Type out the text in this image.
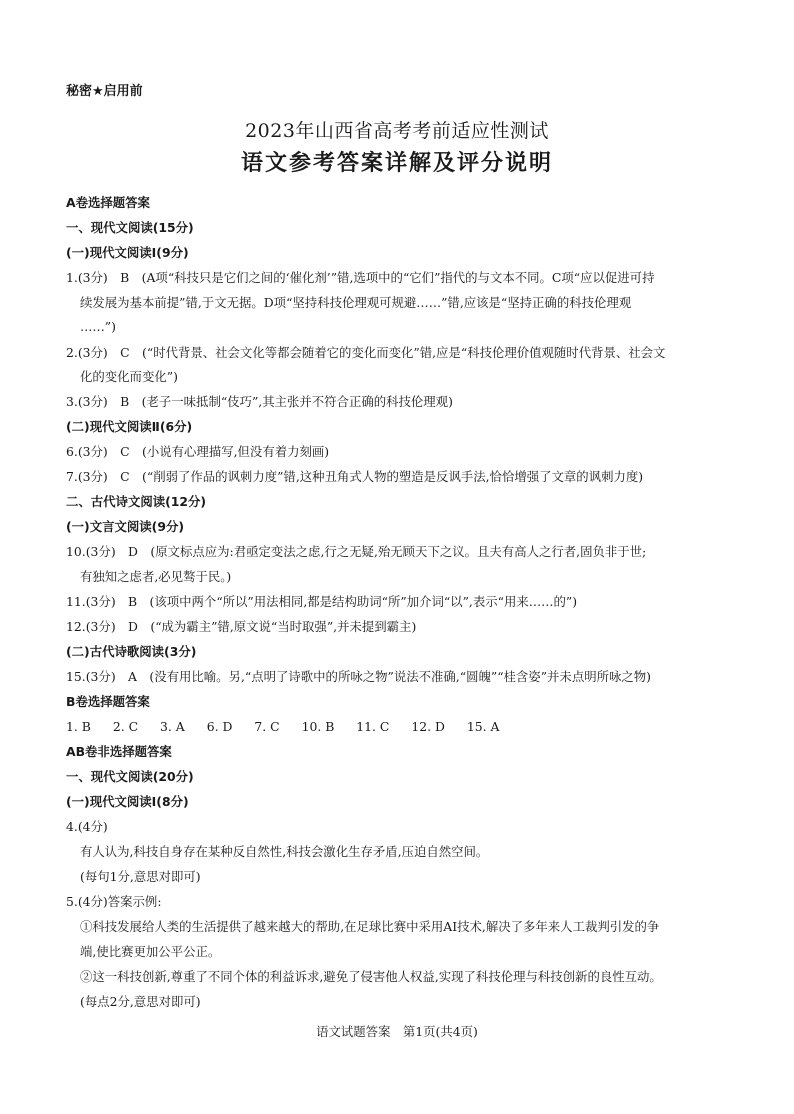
秘密★启用前
2023年山西省高考考前适应性测试
语文参考答案详解及评分说明
A卷选择题答案
一、现代文阅读(15分)
(一)现代文阅读Ⅰ(9分)
1.(3分)　B　(A项“科技只是它们之间的‘催化剂’”错,选项中的“它们”指代的与文本不同。C项“应以促进可持
续发展为基本前提”错,于文无据。D项“坚持科技伦理观可规避……”错,应该是“坚持正确的科技伦理观
……”)
2.(3分)　C　(“时代背景、社会文化等都会随着它的变化而变化”错,应是“科技伦理价值观随时代背景、社会文
化的变化而变化”)
3.(3分)　B　(老子一味抵制“伎巧”,其主张并不符合正确的科技伦理观)
(二)现代文阅读Ⅱ(6分)
6.(3分)　C　(小说有心理描写,但没有着力刻画)
7.(3分)　C　(“削弱了作品的讽刺力度”错,这种丑角式人物的塑造是反讽手法,恰恰增强了文章的讽刺力度)
二、古代诗文阅读(12分)
(一)文言文阅读(9分)
10.(3分)　D　(原文标点应为:君亟定变法之虑,行之无疑,殆无顾天下之议。且夫有高人之行者,固负非于世;
有独知之虑者,必见骜于民。)
11.(3分)　B　(该项中两个“所以”用法相同,都是结构助词“所”加介词“以”,表示“用来……的”)
12.(3分)　D　(“成为霸主”错,原文说“当时取强”,并未提到霸主)
(二)古代诗歌阅读(3分)
15.(3分)　A　(没有用比喻。另,“点明了诗歌中的所咏之物”说法不准确,“圆魄”“桂含姿”并未点明所咏之物)
B卷选择题答案
1. B 2. C 3. A 6. D 7. C 10. B 11. C 12. D 15. A
AB卷非选择题答案
一、现代文阅读(20分)
(一)现代文阅读Ⅰ(8分)
4.(4分)
有人认为,科技自身存在某种反自然性,科技会激化生存矛盾,压迫自然空间。
(每句1分,意思对即可)
5.(4分)答案示例:
①科技发展给人类的生活提供了越来越大的帮助,在足球比赛中采用AI技术,解决了多年来人工裁判引发的争
端,使比赛更加公平公正。
②这一科技创新,尊重了不同个体的利益诉求,避免了侵害他人权益,实现了科技伦理与科技创新的良性互动。
(每点2分,意思对即可)
语文试题答案　第1页(共4页)
